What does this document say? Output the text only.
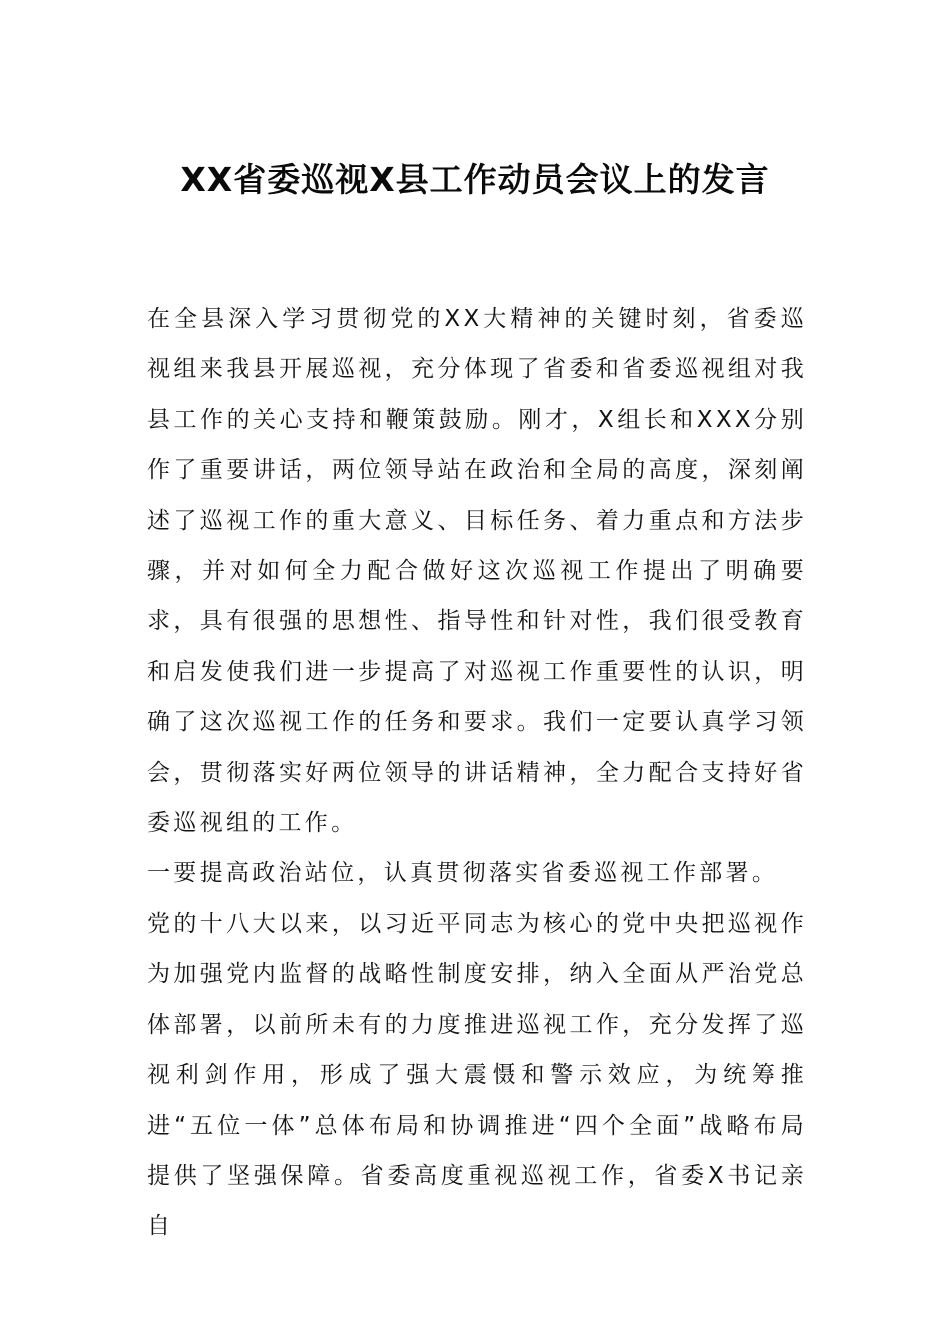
XX省委巡视X县工作动员会议上的发言

在全县深入学习贯彻党的XX大精神的关键时刻，省委巡视组来我县开展巡视，充分体现了省委和省委巡视组对我县工作的关心支持和鞭策鼓励。刚才，X组长和XXX分别作了重要讲话，两位领导站在政治和全局的高度，深刻阐述了巡视工作的重大意义、目标任务、着力重点和方法步骤，并对如何全力配合做好这次巡视工作提出了明确要求，具有很强的思想性、指导性和针对性，我们很受教育和启发使我们进一步提高了对巡视工作重要性的认识，明确了这次巡视工作的任务和要求。我们一定要认真学习领会，贯彻落实好两位领导的讲话精神，全力配合支持好省委巡视组的工作。

一要提高政治站位，认真贯彻落实省委巡视工作部署。

党的十八大以来，以习近平同志为核心的党中央把巡视作为加强党内监督的战略性制度安排，纳入全面从严治党总体部署，以前所未有的力度推进巡视工作，充分发挥了巡视利剑作用，形成了强大震慑和警示效应，为统筹推进“五位一体”总体布局和协调推进“四个全面”战略布局提供了坚强保障。省委高度重视巡视工作，省委X书记亲自
